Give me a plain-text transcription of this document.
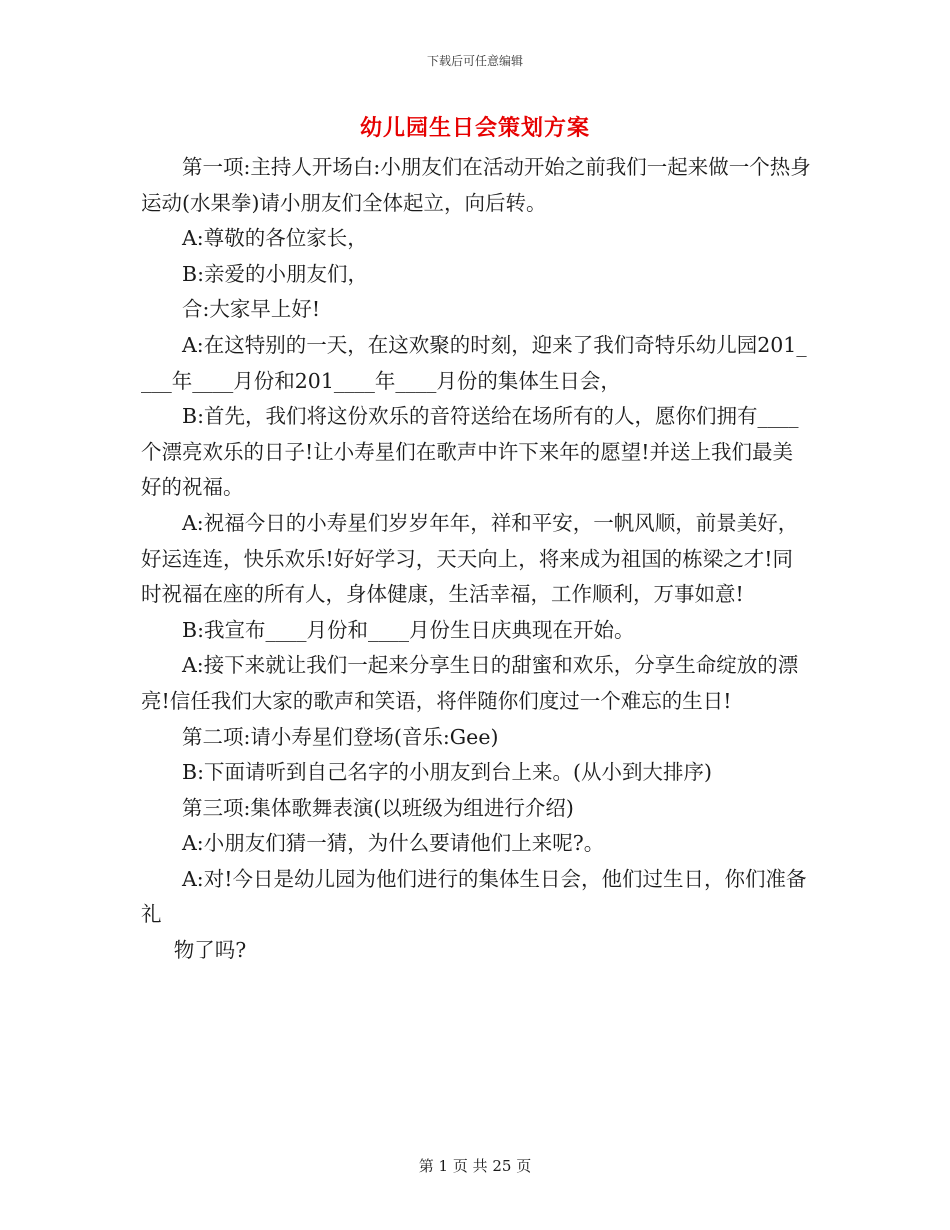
下载后可任意编辑
幼儿园生日会策划方案

第一项:主持人开场白:小朋友们在活动开始之前我们一起来做一个热身运动(水果拳)请小朋友们全体起立，向后转。

A:尊敬的各位家长，

B:亲爱的小朋友们，

合:大家早上好!

A:在这特别的一天，在这欢聚的时刻，迎来了我们奇特乐幼儿园201____年____月份和201____年____月份的集体生日会，

B:首先，我们将这份欢乐的音符送给在场所有的人，愿你们拥有____个漂亮欢乐的日子!让小寿星们在歌声中许下来年的愿望!并送上我们最美好的祝福。

A:祝福今日的小寿星们岁岁年年，祥和平安，一帆风顺，前景美好，好运连连，快乐欢乐!好好学习，天天向上，将来成为祖国的栋梁之才!同时祝福在座的所有人，身体健康，生活幸福，工作顺利，万事如意!

B:我宣布____月份和____月份生日庆典现在开始。

A:接下来就让我们一起来分享生日的甜蜜和欢乐，分享生命绽放的漂亮!信任我们大家的歌声和笑语，将伴随你们度过一个难忘的生日!

第二项:请小寿星们登场(音乐:Gee)

B:下面请听到自己名字的小朋友到台上来。(从小到大排序)

第三项:集体歌舞表演(以班级为组进行介绍)

A:小朋友们猜一猜，为什么要请他们上来呢?。

A:对!今日是幼儿园为他们进行的集体生日会，他们过生日，你们准备礼

物了吗?

第 1 页 共 25 页
